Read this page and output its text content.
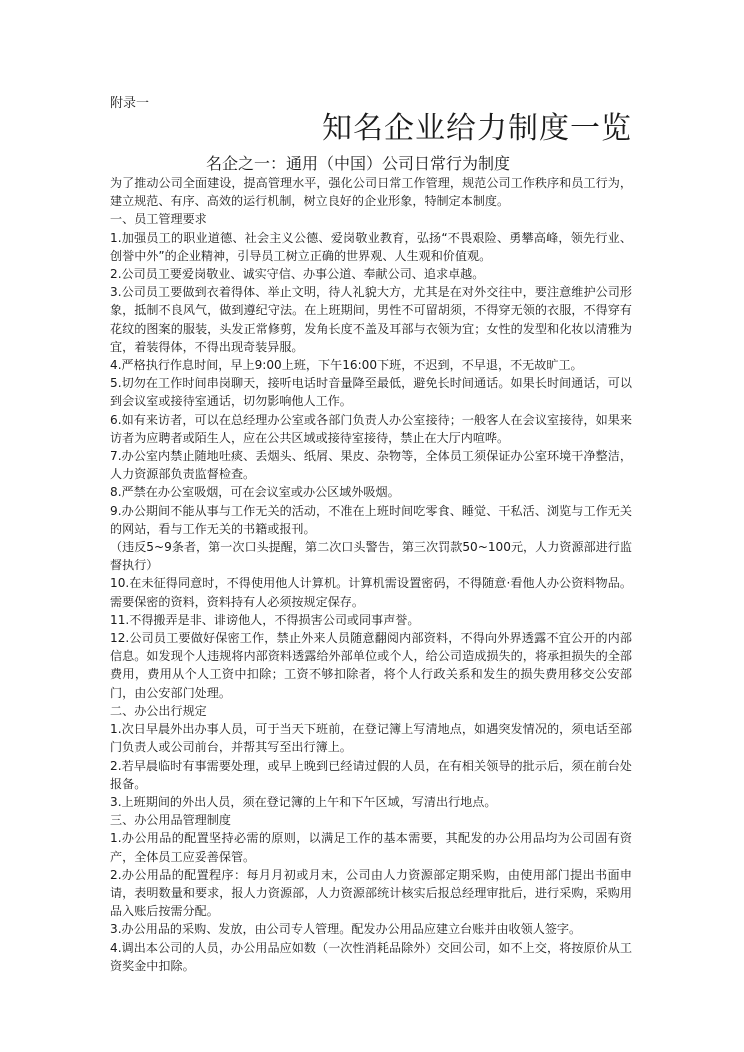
附录一
知名企业给力制度一览
名企之一：通用（中国）公司日常行为制度

为了推动公司全面建设，提高管理水平，强化公司日常工作管理，规范公司工作秩序和员工行为，建立规范、有序、高效的运行机制，树立良好的企业形象，特制定本制度。

一、员工管理要求

1.加强员工的职业道德、社会主义公德、爱岗敬业教育，弘扬“不畏艰险、勇攀高峰，领先行业、创誉中外”的企业精神，引导员工树立正确的世界观、人生观和价值观。

2.公司员工要爱岗敬业、诚实守信、办事公道、奉献公司、追求卓越。

3.公司员工要做到衣着得体、举止文明，待人礼貌大方，尤其是在对外交往中，要注意维护公司形象，抵制不良风气，做到遵纪守法。在上班期间，男性不可留胡须，不得穿无领的衣服，不得穿有花纹的图案的服装，头发正常修剪，发角长度不盖及耳部与衣领为宜；女性的发型和化妆以清雅为宜，着装得体，不得出现奇装异服。

4.严格执行作息时间，早上9:00上班，下午16:00下班，不迟到，不早退，不无故旷工。

5.切勿在工作时间串岗聊天，接听电话时音量降至最低，避免长时间通话。如果长时间通话，可以到会议室或接待室通话，切勿影响他人工作。

6.如有来访者，可以在总经理办公室或各部门负责人办公室接待；一般客人在会议室接待，如果来访者为应聘者或陌生人，应在公共区域或接待室接待，禁止在大厅内喧哗。

7.办公室内禁止随地吐痰、丢烟头、纸屑、果皮、杂物等，全体员工须保证办公室环境干净整洁，人力资源部负责监督检查。

8.严禁在办公室吸烟，可在会议室或办公区域外吸烟。

9.办公期间不能从事与工作无关的活动，不准在上班时间吃零食、睡觉、干私活、浏览与工作无关的网站，看与工作无关的书籍或报刊。

（违反5~9条者，第一次口头提醒，第二次口头警告，第三次罚款50~100元，人力资源部进行监督执行）

10.在未征得同意时，不得使用他人计算机。计算机需设置密码，不得随意·看他人办公资料物品。需要保密的资料，资料持有人必须按规定保存。

11.不得搬弄是非、诽谤他人，不得损害公司或同事声誉。

12.公司员工要做好保密工作，禁止外来人员随意翻阅内部资料，不得向外界透露不宜公开的内部信息。如发现个人违规将内部资料透露给外部单位或个人，给公司造成损失的，将承担损失的全部费用，费用从个人工资中扣除；工资不够扣除者，将个人行政关系和发生的损失费用移交公安部门，由公安部门处理。

二、办公出行规定

1.次日早晨外出办事人员，可于当天下班前，在登记簿上写清地点，如遇突发情况的，须电话至部门负责人或公司前台，并帮其写至出行簿上。

2.若早晨临时有事需要处理，或早上晚到已经请过假的人员，在有相关领导的批示后，须在前台处报备。

3.上班期间的外出人员，须在登记簿的上午和下午区域，写清出行地点。

三、办公用品管理制度

1.办公用品的配置坚持必需的原则，以满足工作的基本需要，其配发的办公用品均为公司固有资产，全体员工应妥善保管。

2.办公用品的配置程序：每月月初或月末，公司由人力资源部定期采购，由使用部门提出书面申请，表明数量和要求，报人力资源部，人力资源部统计核实后报总经理审批后，进行采购，采购用品入账后按需分配。

3.办公用品的采购、发放，由公司专人管理。配发办公用品应建立台账并由收领人签字。

4.调出本公司的人员，办公用品应如数（一次性消耗品除外）交回公司，如不上交，将按原价从工资奖金中扣除。
